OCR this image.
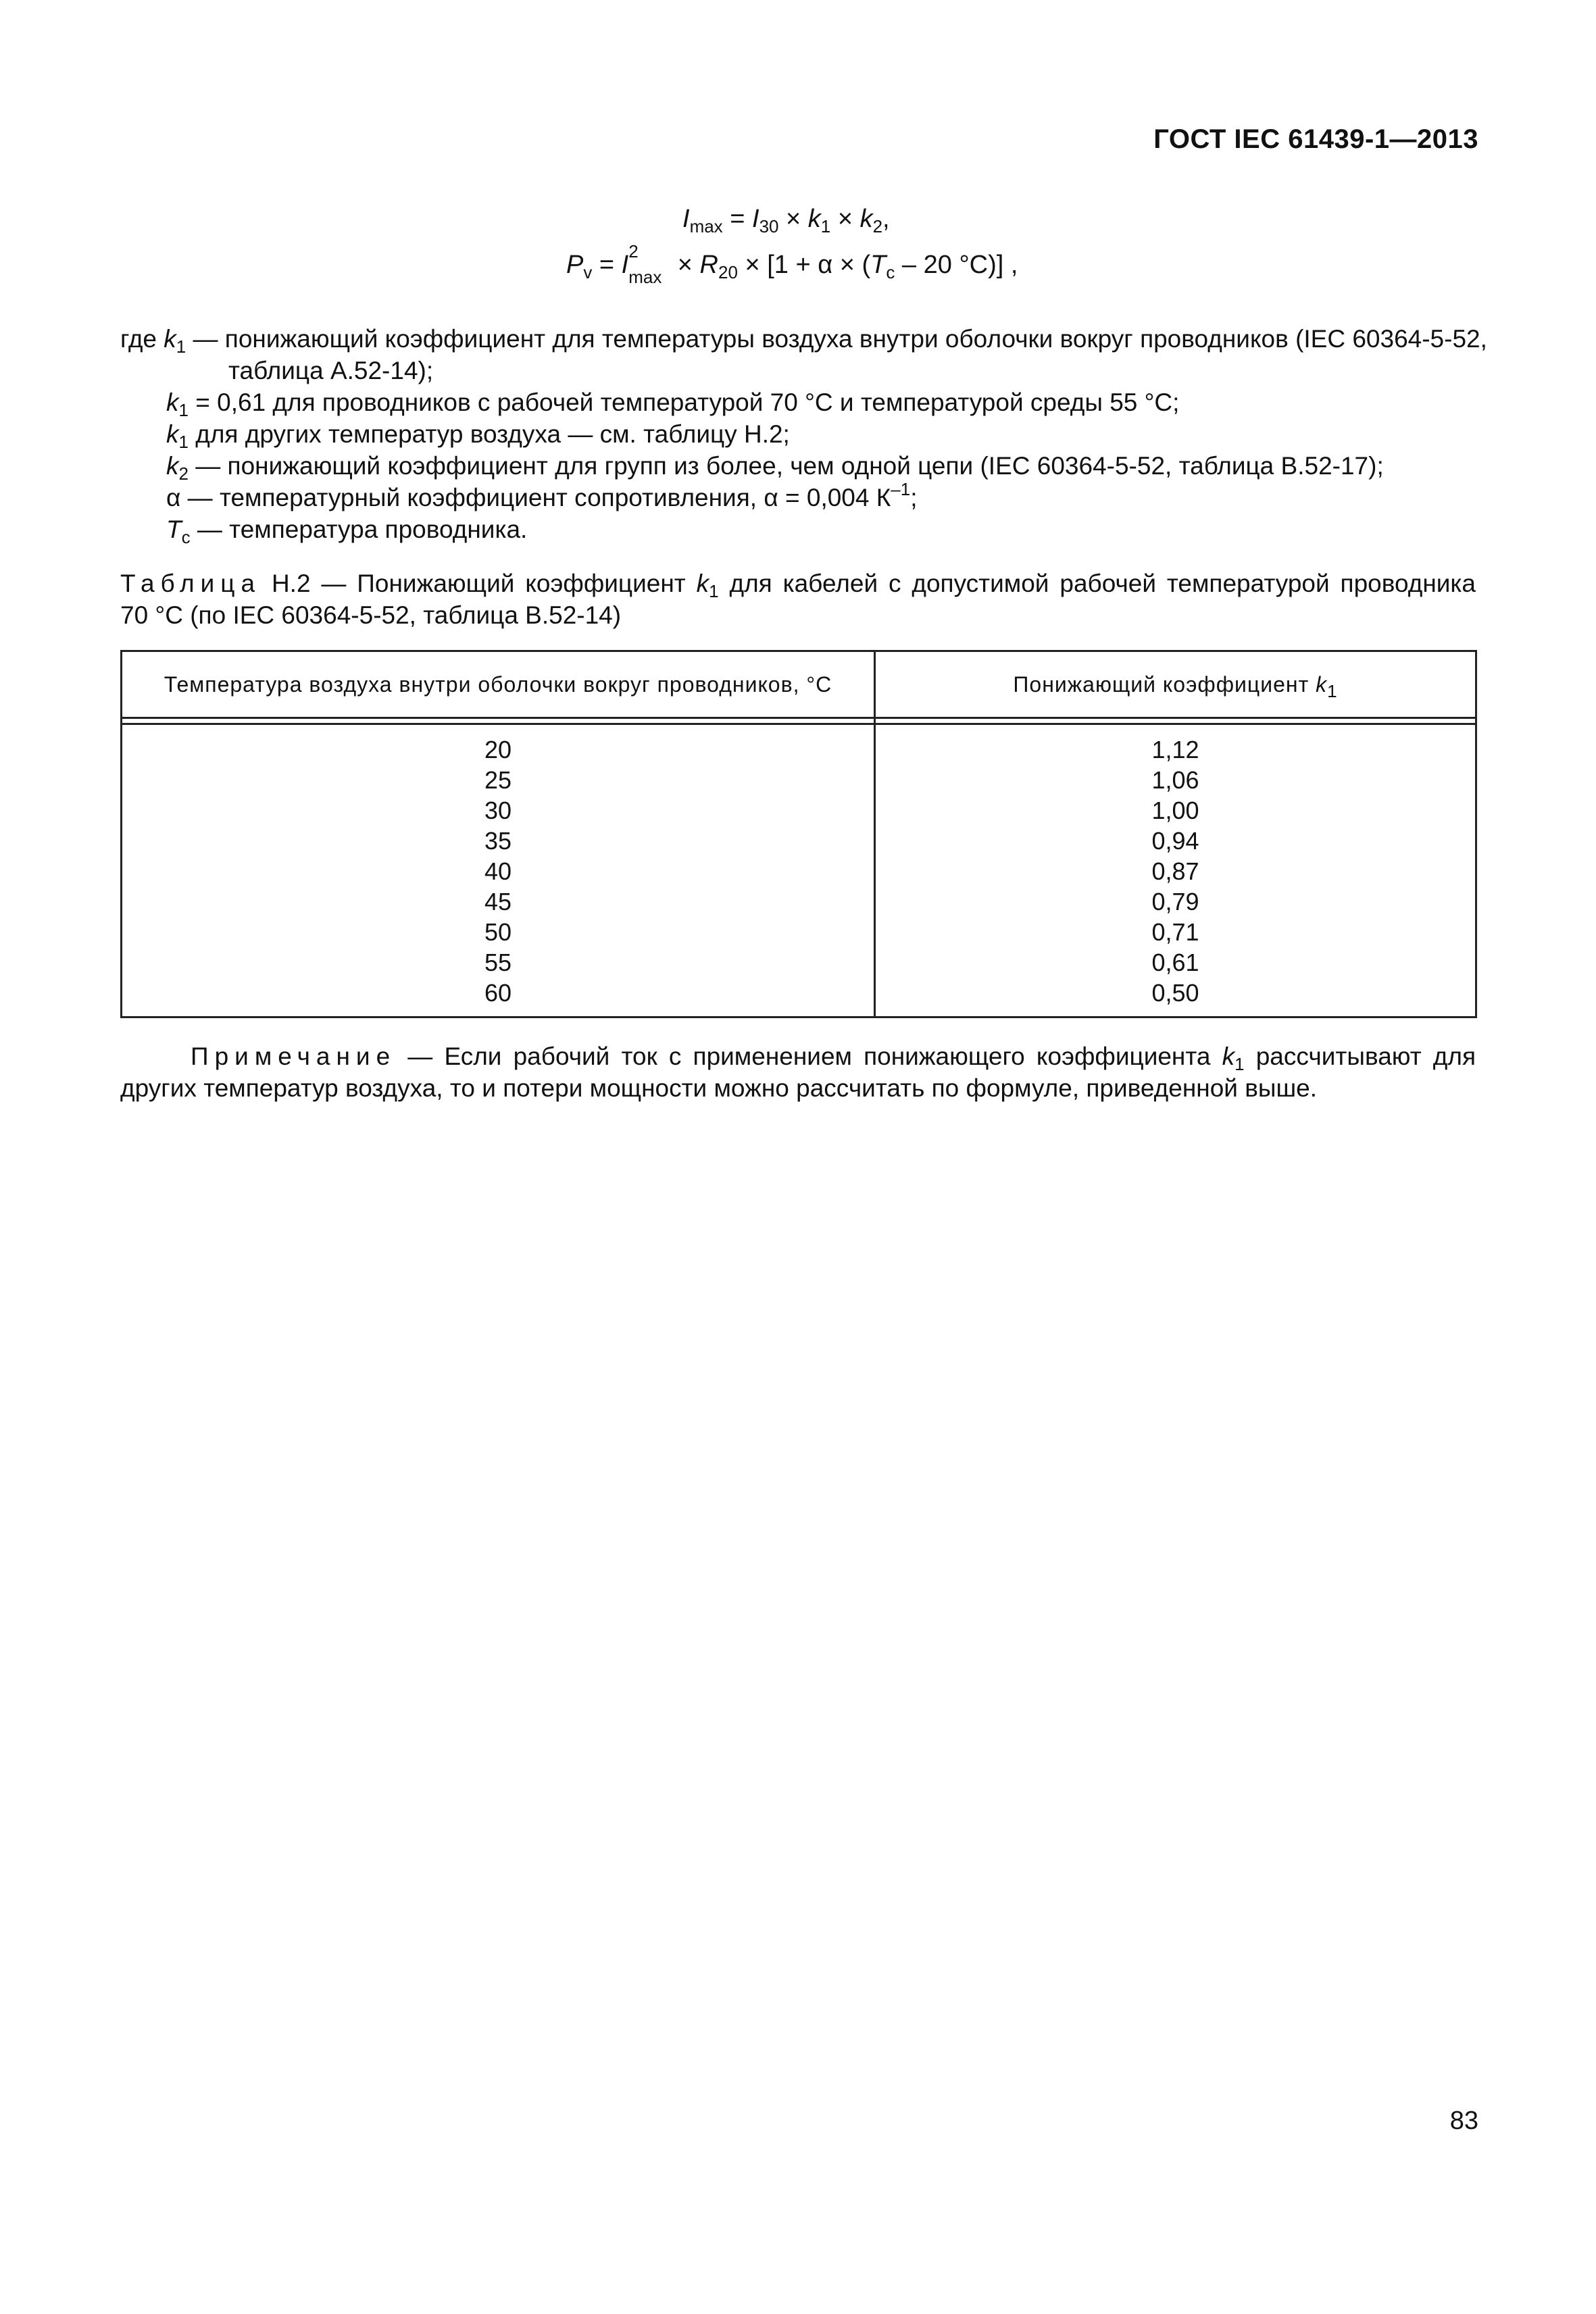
ГОСТ IEC 61439-1—2013
$I_{max} = I_{30} \times k_1 \times k_2$,
$P_v = I$ 2
$\max \times R_{20} \times [1 + \alpha \times (T_c - 20$ °C)] ,
где $k_1$ — понижающий коэффициент для температуры воздуха внутри оболочки вокруг проводников (IEC 60364-5-52,
таблица А.52-14);
$k_1 = 0,61$ для проводников с рабочей температурой 70 °С и температурой среды 55 °С;
$k_1$ для других температур воздуха — см. таблицу Н.2;
$k_2$ — понижающий коэффициент для групп из более, чем одной цепи (IEC 60364-5-52, таблица В.52-17);
α — температурный коэффициент сопротивления, α = 0,004 $К^{-1}$;
$T_c$ — температура проводника.
Таблица Н.2 — Понижающий коэффициент $k_1$ для кабелей с допустимой рабочей температурой проводника
70 °С (по IEC 60364-5-52, таблица В.52-14)
Температура воздуха внутри оболочки вокруг проводников, °С	Понижающий коэффициент $k_1$

20	1,12
25	1,06
30	1,00
35	0,94
40	0,87
45	0,79
50	0,71
55	0,61
60	0,50
Примечание — Если рабочий ток с применением понижающего коэффициента $k_1$ рассчитывают для
других температур воздуха, то и потери мощности можно рассчитать по формуле, приведенной выше.
83
